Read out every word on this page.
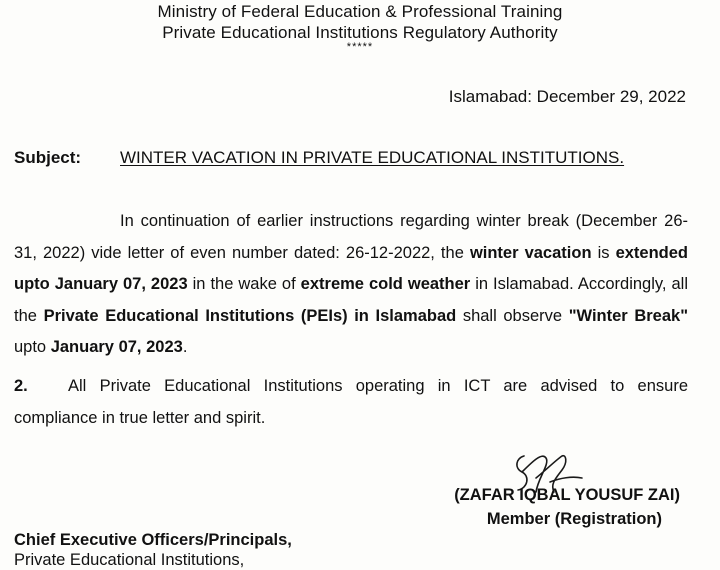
Ministry of Federal Education & Professional Training
Private Educational Institutions Regulatory Authority
*****
Islamabad: December 29, 2022
Subject: WINTER VACATION IN PRIVATE EDUCATIONAL INSTITUTIONS.
In continuation of earlier instructions regarding winter break (December 26-31, 2022) vide letter of even number dated: 26-12-2022, the winter vacation is extended upto January 07, 2023 in the wake of extreme cold weather in Islamabad. Accordingly, all the Private Educational Institutions (PEIs) in Islamabad shall observe "Winter Break" upto January 07, 2023.
2. All Private Educational Institutions operating in ICT are advised to ensure compliance in true letter and spirit.
(ZAFAR IQBAL YOUSUF ZAI)
Member (Registration)
Chief Executive Officers/Principals,
Private Educational Institutions,
